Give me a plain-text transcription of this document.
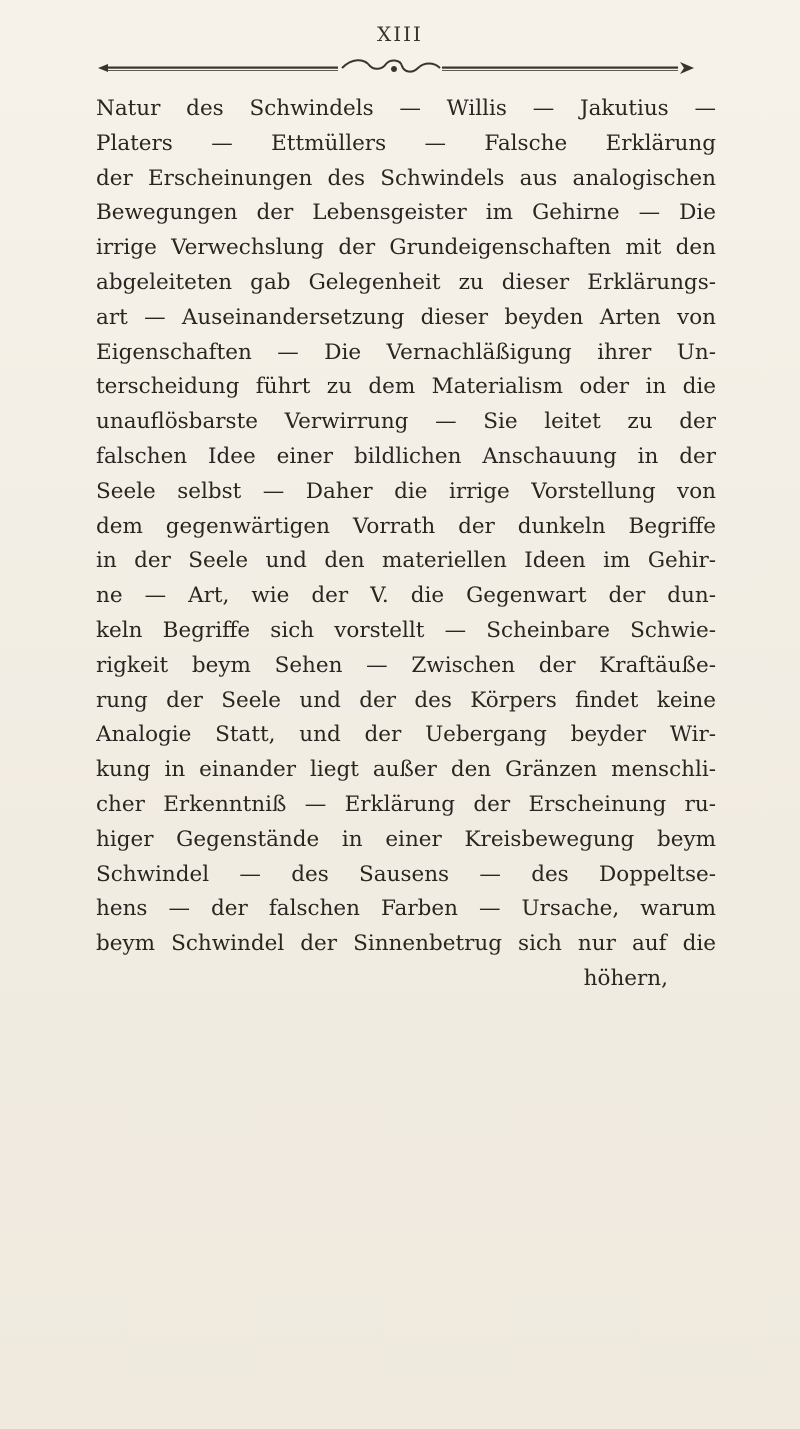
XIII
Natur des Schwindels — Willis — Jakutius —
Platers — Ettmüllers — Falsche Erklärung
der Erscheinungen des Schwindels aus analogischen
Bewegungen der Lebensgeister im Gehirne — Die
irrige Verwechslung der Grundeigenschaften mit den
abgeleiteten gab Gelegenheit zu dieser Erklärungs-
art — Auseinandersetzung dieser beyden Arten von
Eigenschaften — Die Vernachläßigung ihrer Un-
terscheidung führt zu dem Materialism oder in die
unauflösbarste Verwirrung — Sie leitet zu der
falschen Idee einer bildlichen Anschauung in der
Seele selbst — Daher die irrige Vorstellung von
dem gegenwärtigen Vorrath der dunkeln Begriffe
in der Seele und den materiellen Ideen im Gehir-
ne — Art, wie der V. die Gegenwart der dun-
keln Begriffe sich vorstellt — Scheinbare Schwie-
rigkeit beym Sehen — Zwischen der Kraftäuße-
rung der Seele und der des Körpers findet keine
Analogie Statt, und der Uebergang beyder Wir-
kung in einander liegt außer den Gränzen menschli-
cher Erkenntniß — Erklärung der Erscheinung ru-
higer Gegenstände in einer Kreisbewegung beym
Schwindel — des Sausens — des Doppeltse-
hens — der falschen Farben — Ursache, warum
beym Schwindel der Sinnenbetrug sich nur auf die
höhern,
